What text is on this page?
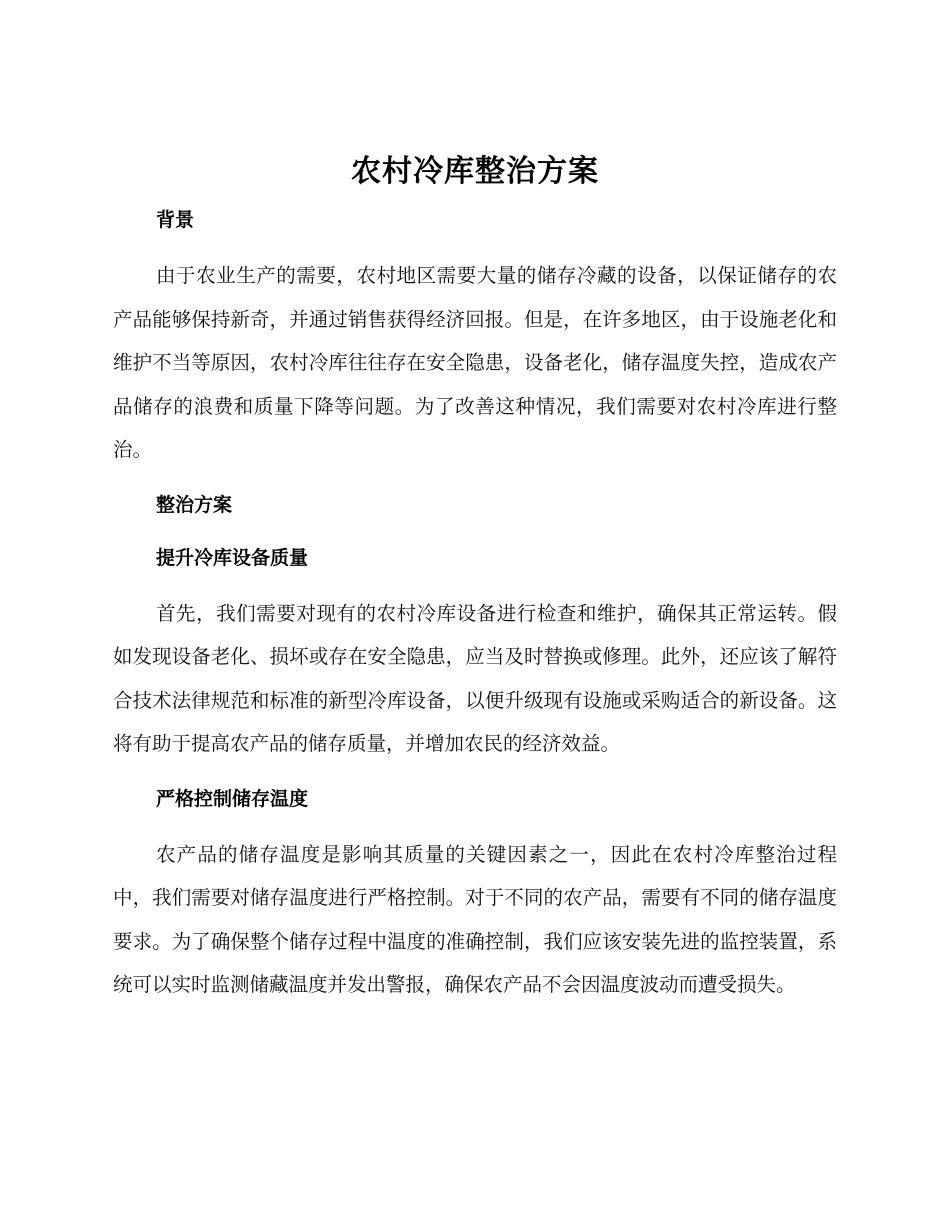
农村冷库整治方案
背景

由于农业生产的需要，农村地区需要大量的储存冷藏的设备，以保证储存的农产品能够保持新奇，并通过销售获得经济回报。但是，在许多地区，由于设施老化和维护不当等原因，农村冷库往往存在安全隐患，设备老化，储存温度失控，造成农产品储存的浪费和质量下降等问题。为了改善这种情况，我们需要对农村冷库进行整治。

整治方案
提升冷库设备质量

首先，我们需要对现有的农村冷库设备进行检查和维护，确保其正常运转。假如发现设备老化、损坏或存在安全隐患，应当及时替换或修理。此外，还应该了解符合技术法律规范和标准的新型冷库设备，以便升级现有设施或采购适合的新设备。这将有助于提高农产品的储存质量，并增加农民的经济效益。

严格控制储存温度

农产品的储存温度是影响其质量的关键因素之一，因此在农村冷库整治过程中，我们需要对储存温度进行严格控制。对于不同的农产品，需要有不同的储存温度要求。为了确保整个储存过程中温度的准确控制，我们应该安装先进的监控装置，系统可以实时监测储藏温度并发出警报，确保农产品不会因温度波动而遭受损失。
